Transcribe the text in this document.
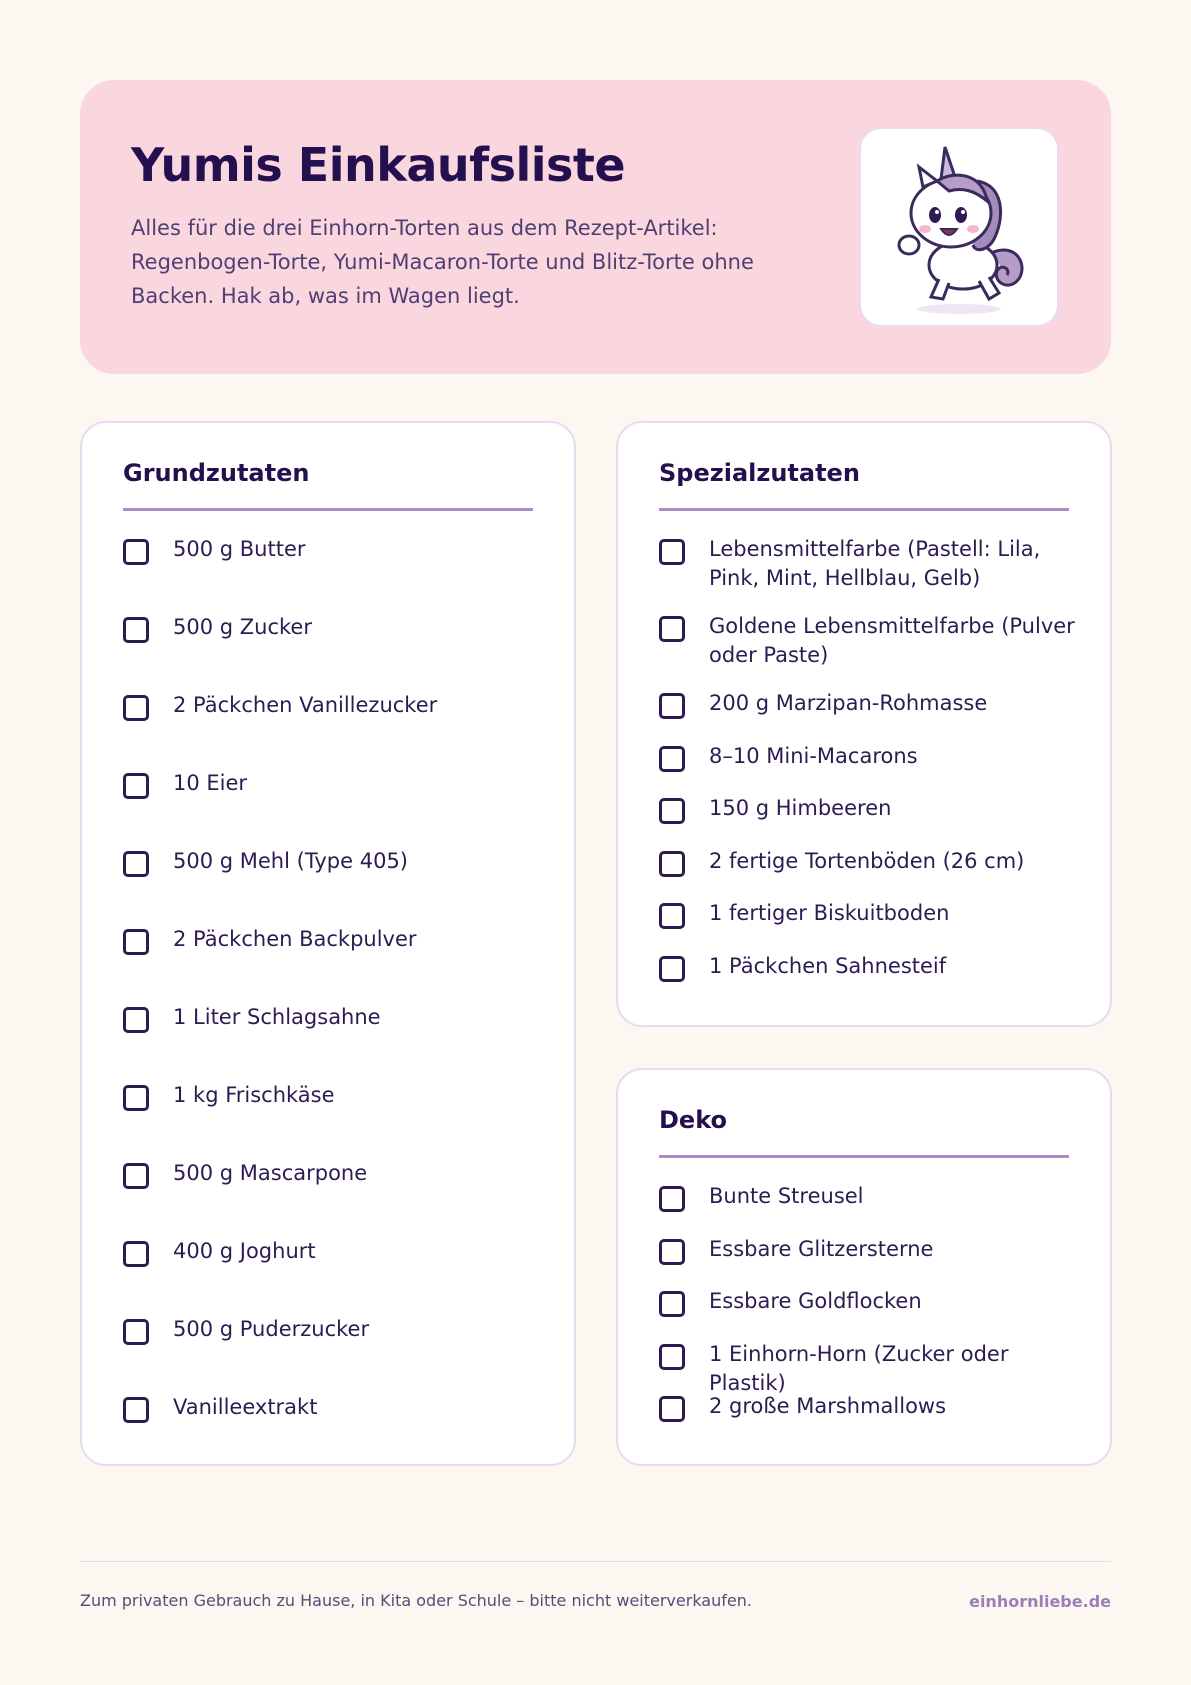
Yumis Einkaufsliste

Alles für die drei Einhorn-Torten aus dem Rezept-Artikel: Regenbogen-Torte, Yumi-Macaron-Torte und Blitz-Torte ohne Backen. Hak ab, was im Wagen liegt.

Grundzutaten
500 g Butter
500 g Zucker
2 Päckchen Vanillezucker
10 Eier
500 g Mehl (Type 405)
2 Päckchen Backpulver
1 Liter Schlagsahne
1 kg Frischkäse
500 g Mascarpone
400 g Joghurt
500 g Puderzucker
Vanilleextrakt
Spezialzutaten
Lebensmittelfarbe (Pastell: Lila, Pink, Mint, Hellblau, Gelb)
Goldene Lebensmittelfarbe (Pulver oder Paste)
200 g Marzipan-Rohmasse
8–10 Mini-Macarons
150 g Himbeeren
2 fertige Tortenböden (26 cm)
1 fertiger Biskuitboden
1 Päckchen Sahnesteif
Deko
Bunte Streusel
Essbare Glitzersterne
Essbare Goldflocken
1 Einhorn-Horn (Zucker oder Plastik)
2 große Marshmallows

Zum privaten Gebrauch zu Hause, in Kita oder Schule – bitte nicht weiterverkaufen.	einhornliebe.de
